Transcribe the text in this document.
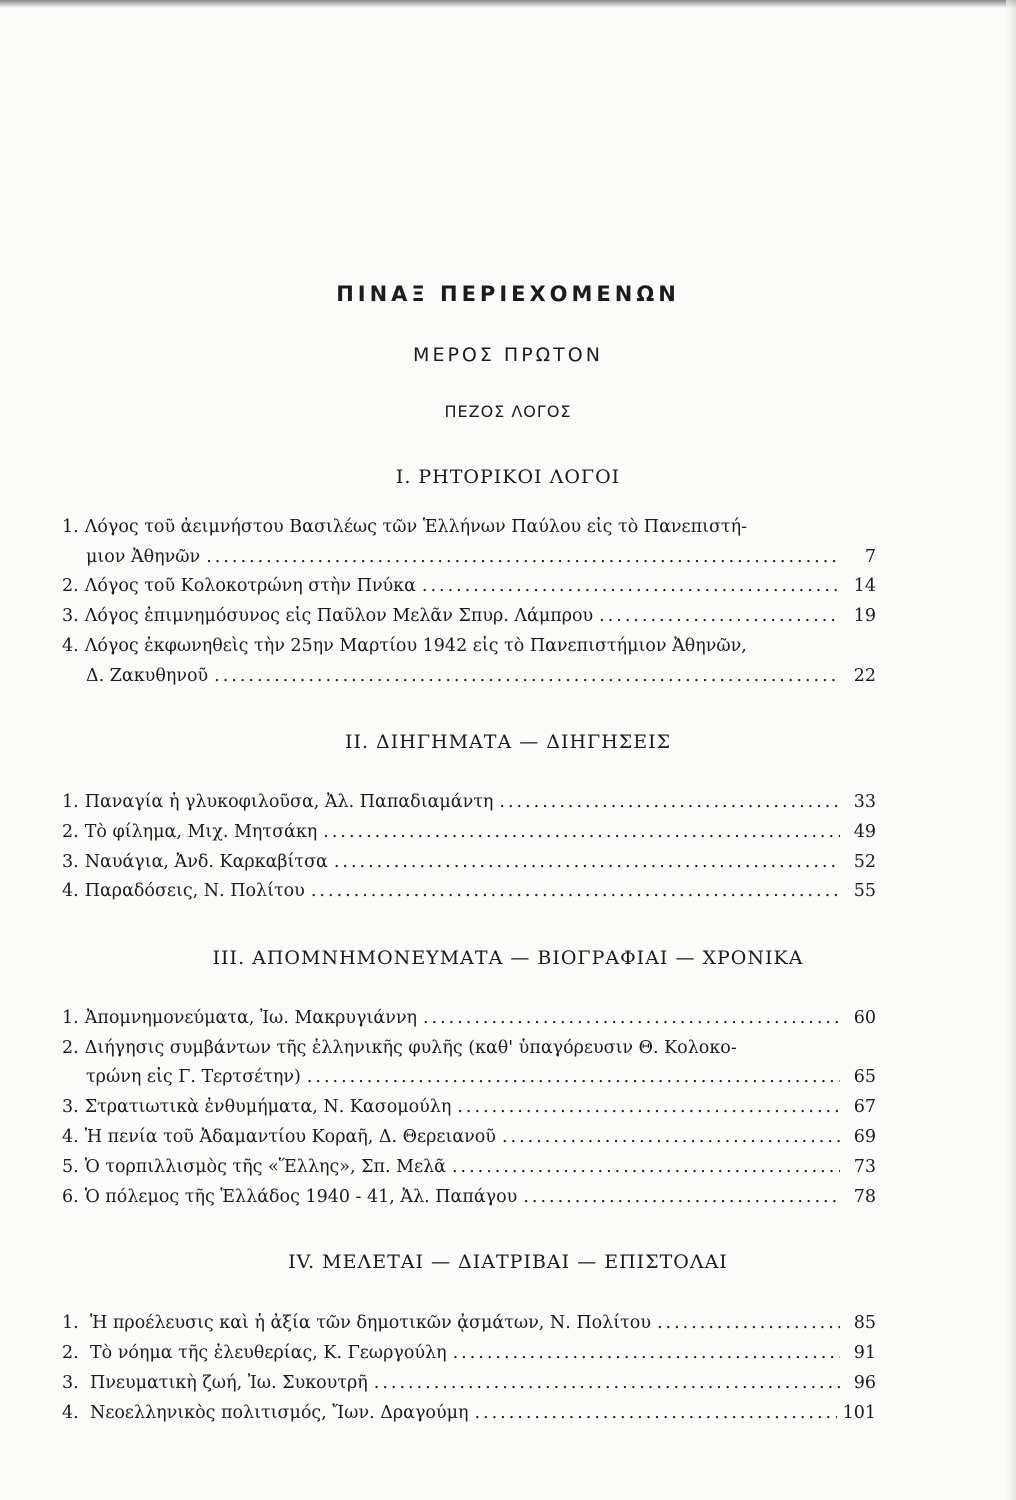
ΠΙΝΑΞ ΠΕΡΙΕΧΟΜΕΝΩΝ
ΜΕΡΟΣ ΠΡΩΤΟΝ
ΠΕΖΟΣ ΛΟΓΟΣ
Ι. ΡΗΤΟΡΙΚΟΙ ΛΟΓΟΙ
1. Λόγος τοῦ ἀειμνήστου Βασιλέως τῶν Ἑλλήνων Παύλου εἰς τὸ Πανεπιστή-
μιον Ἀθηνῶν .....	7
2. Λόγος τοῦ Κολοκοτρώνη στὴν Πνύκα .....	14
3. Λόγος ἐπιμνημόσυνος εἰς Παῦλον Μελᾶν Σπυρ. Λάμπρου .....	19
4. Λόγος ἐκφωνηθεὶς τὴν 25ην Μαρτίου 1942 εἰς τὸ Πανεπιστήμιον Ἀθηνῶν,
Δ. Ζακυθηνοῦ .....	22
ΙΙ. ΔΙΗΓΗΜΑΤΑ — ΔΙΗΓΗΣΕΙΣ
1. Παναγία ἡ γλυκοφιλοῦσα, Ἀλ. Παπαδιαμάντη .....	33
2. Τὸ φίλημα, Μιχ. Μητσάκη .....	49
3. Ναυάγια, Ἀνδ. Καρκαβίτσα .....	52
4. Παραδόσεις, Ν. Πολίτου .....	55
ΙΙΙ. ΑΠΟΜΝΗΜΟΝΕΥΜΑΤΑ — ΒΙΟΓΡΑΦΙΑΙ — ΧΡΟΝΙΚΑ
1. Ἀπομνημονεύματα, Ἰω. Μακρυγιάννη .....	60
2. Διήγησις συμβάντων τῆς ἑλληνικῆς φυλῆς (καθ' ὑπαγόρευσιν Θ. Κολοκο-
τρώνη εἰς Γ. Τερτσέτην) .....	65
3. Στρατιωτικὰ ἐνθυμήματα, Ν. Κασομούλη .....	67
4. Ἡ πενία τοῦ Ἀδαμαντίου Κοραῆ, Δ. Θερειανοῦ .....	69
5. Ὁ τορπιλλισμὸς τῆς «Ἕλλης», Σπ. Μελᾶ .....	73
6. Ὁ πόλεμος τῆς Ἑλλάδος 1940 - 41, Ἀλ. Παπάγου .....	78
ΙV. ΜΕΛΕΤΑΙ — ΔΙΑΤΡΙΒΑΙ — ΕΠΙΣΤΟΛΑΙ
1. Ἡ προέλευσις καὶ ἡ ἀξία τῶν δημοτικῶν ᾀσμάτων, Ν. Πολίτου .....	85
2. Τὸ νόημα τῆς ἐλευθερίας, Κ. Γεωργούλη .....	91
3. Πνευματικὴ ζωή, Ἰω. Συκουτρῆ .....	96
4. Νεοελληνικὸς πολιτισμός, Ἴων. Δραγούμη .....	101
